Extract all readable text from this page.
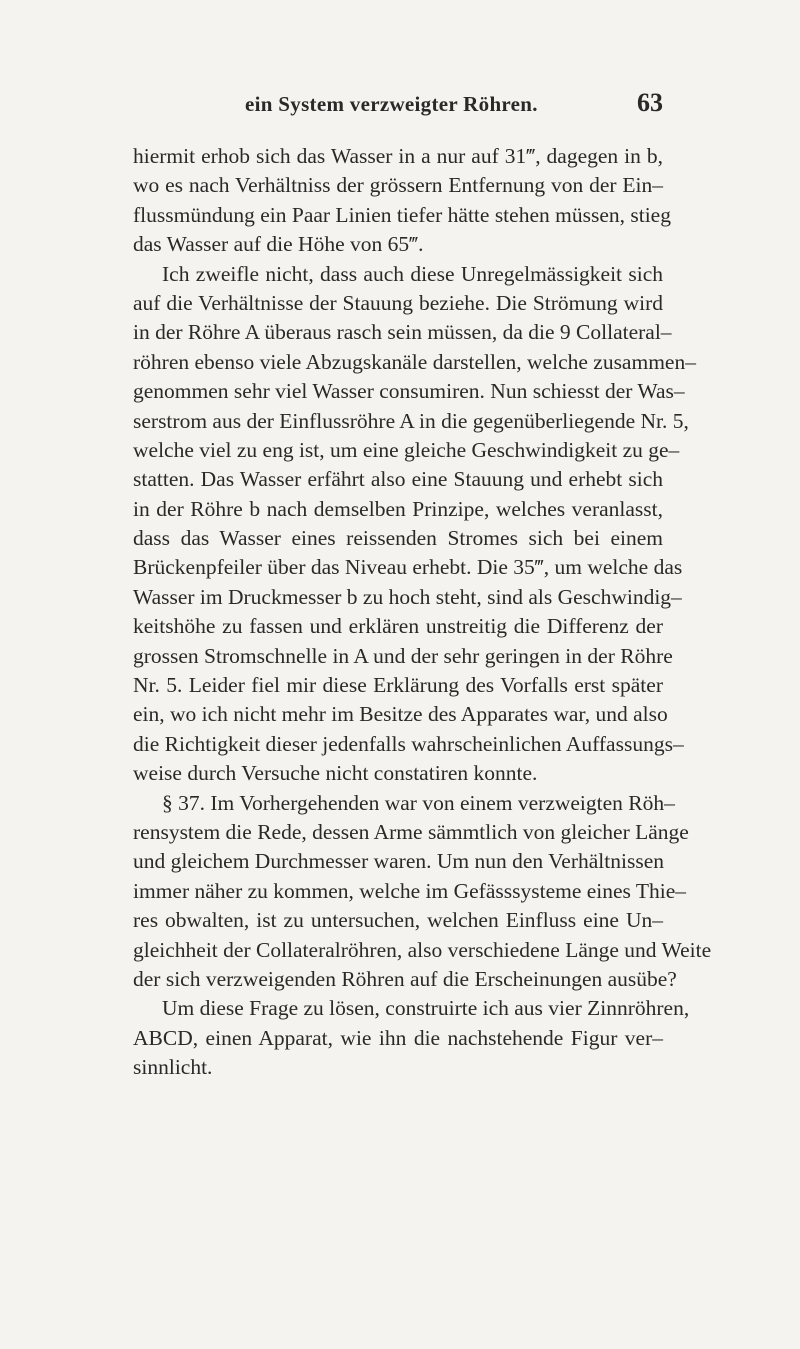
ein System verzweigter Röhren.	63
hiermit erhob sich das Wasser in a nur auf 31‴, dagegen in b,
wo es nach Verhältniss der grössern Entfernung von der Ein–
flussmündung ein Paar Linien tiefer hätte stehen müssen, stieg
das Wasser auf die Höhe von 65‴.
Ich zweifle nicht, dass auch diese Unregelmässigkeit sich
auf die Verhältnisse der Stauung beziehe. Die Strömung wird
in der Röhre A überaus rasch sein müssen, da die 9 Collateral–
röhren ebenso viele Abzugskanäle darstellen, welche zusammen–
genommen sehr viel Wasser consumiren. Nun schiesst der Was–
serstrom aus der Einflussröhre A in die gegenüberliegende Nr. 5,
welche viel zu eng ist, um eine gleiche Geschwindigkeit zu ge–
statten. Das Wasser erfährt also eine Stauung und erhebt sich
in der Röhre b nach demselben Prinzipe, welches veranlasst,
dass das Wasser eines reissenden Stromes sich bei einem
Brückenpfeiler über das Niveau erhebt. Die 35‴, um welche das
Wasser im Druckmesser b zu hoch steht, sind als Geschwindig–
keitshöhe zu fassen und erklären unstreitig die Differenz der
grossen Stromschnelle in A und der sehr geringen in der Röhre
Nr. 5. Leider fiel mir diese Erklärung des Vorfalls erst später
ein, wo ich nicht mehr im Besitze des Apparates war, und also
die Richtigkeit dieser jedenfalls wahrscheinlichen Auffassungs–
weise durch Versuche nicht constatiren konnte.
§ 37. Im Vorhergehenden war von einem verzweigten Röh–
rensystem die Rede, dessen Arme sämmtlich von gleicher Länge
und gleichem Durchmesser waren. Um nun den Verhältnissen
immer näher zu kommen, welche im Gefässsysteme eines Thie–
res obwalten, ist zu untersuchen, welchen Einfluss eine Un–
gleichheit der Collateralröhren, also verschiedene Länge und Weite
der sich verzweigenden Röhren auf die Erscheinungen ausübe?
Um diese Frage zu lösen, construirte ich aus vier Zinnröhren,
ABCD, einen Apparat, wie ihn die nachstehende Figur ver–
sinnlicht.
